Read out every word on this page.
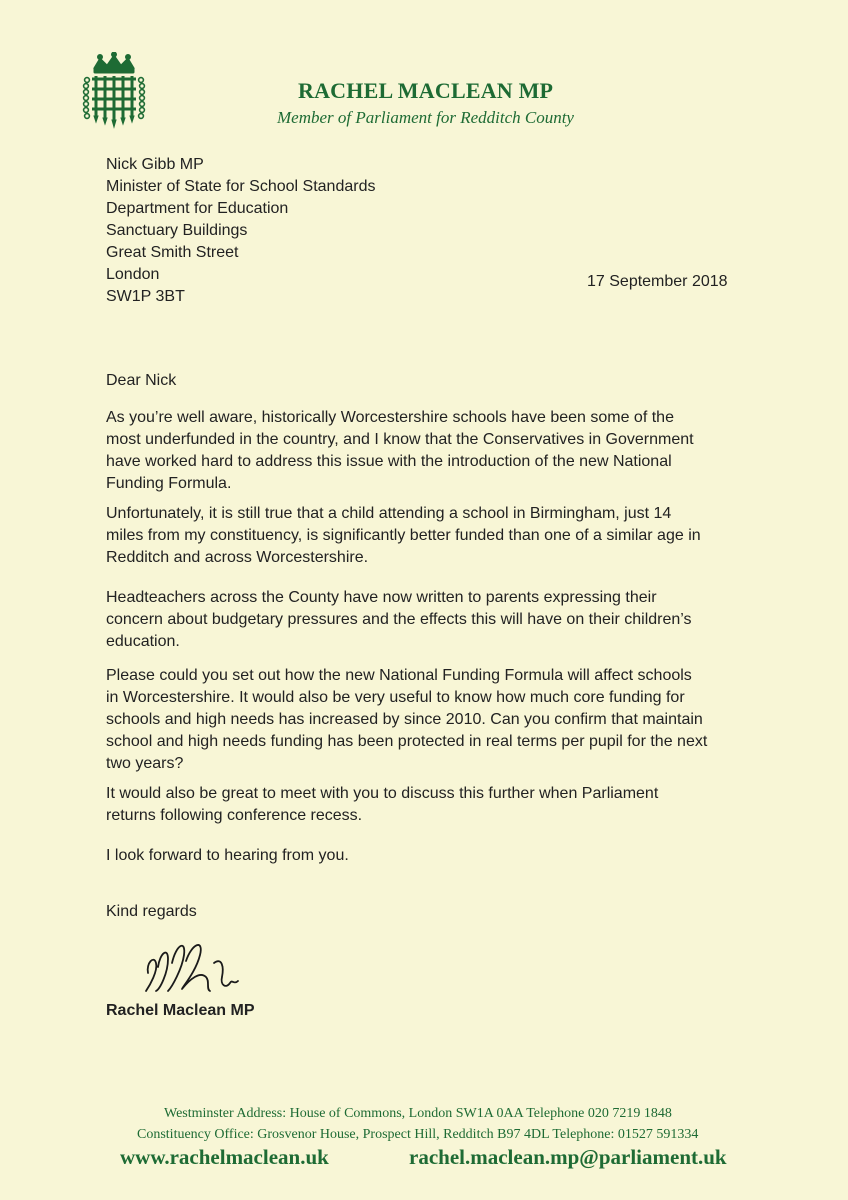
RACHEL MACLEAN MP
Member of Parliament for Redditch County
Nick Gibb MP
Minister of State for School Standards
Department for Education
Sanctuary Buildings
Great Smith Street
London
SW1P 3BT
17 September 2018
Dear Nick
As you’re well aware, historically Worcestershire schools have been some of the
most underfunded in the country, and I know that the Conservatives in Government
have worked hard to address this issue with the introduction of the new National
Funding Formula.
Unfortunately, it is still true that a child attending a school in Birmingham, just 14
miles from my constituency, is significantly better funded than one of a similar age in
Redditch and across Worcestershire.
Headteachers across the County have now written to parents expressing their
concern about budgetary pressures and the effects this will have on their children’s
education.
Please could you set out how the new National Funding Formula will affect schools
in Worcestershire. It would also be very useful to know how much core funding for
schools and high needs has increased by since 2010. Can you confirm that maintain
school and high needs funding has been protected in real terms per pupil for the next
two years?
It would also be great to meet with you to discuss this further when Parliament
returns following conference recess.
I look forward to hearing from you.
Kind regards
Rachel Maclean MP
Westminster Address: House of Commons, London SW1A 0AA Telephone 020 7219 1848
Constituency Office: Grosvenor House, Prospect Hill, Redditch B97 4DL Telephone: 01527 591334
www.rachelmaclean.uk	rachel.maclean.mp@parliament.uk
